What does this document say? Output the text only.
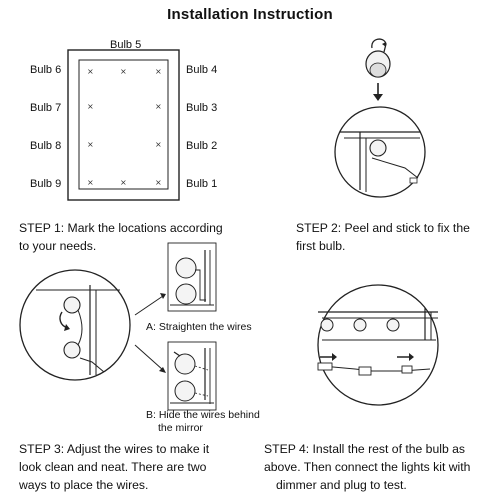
Installation Instruction
×	×	×
×	×
×	×
×	×	×
Bulb 5
Bulb 6
Bulb 7
Bulb 8
Bulb 9
Bulb 4
Bulb 3
Bulb 2
Bulb 1
A: Straighten the wires
B: Hide the wires behind
the mirror
STEP 1: Mark the locations according
to your needs.
STEP 2: Peel and stick to fix the
first bulb.
STEP 3: Adjust the wires to make it
look clean and neat. There are two
ways to place the wires.
STEP 4: Install the rest of the bulb as
above. Then connect the lights kit with
dimmer and plug to test.
